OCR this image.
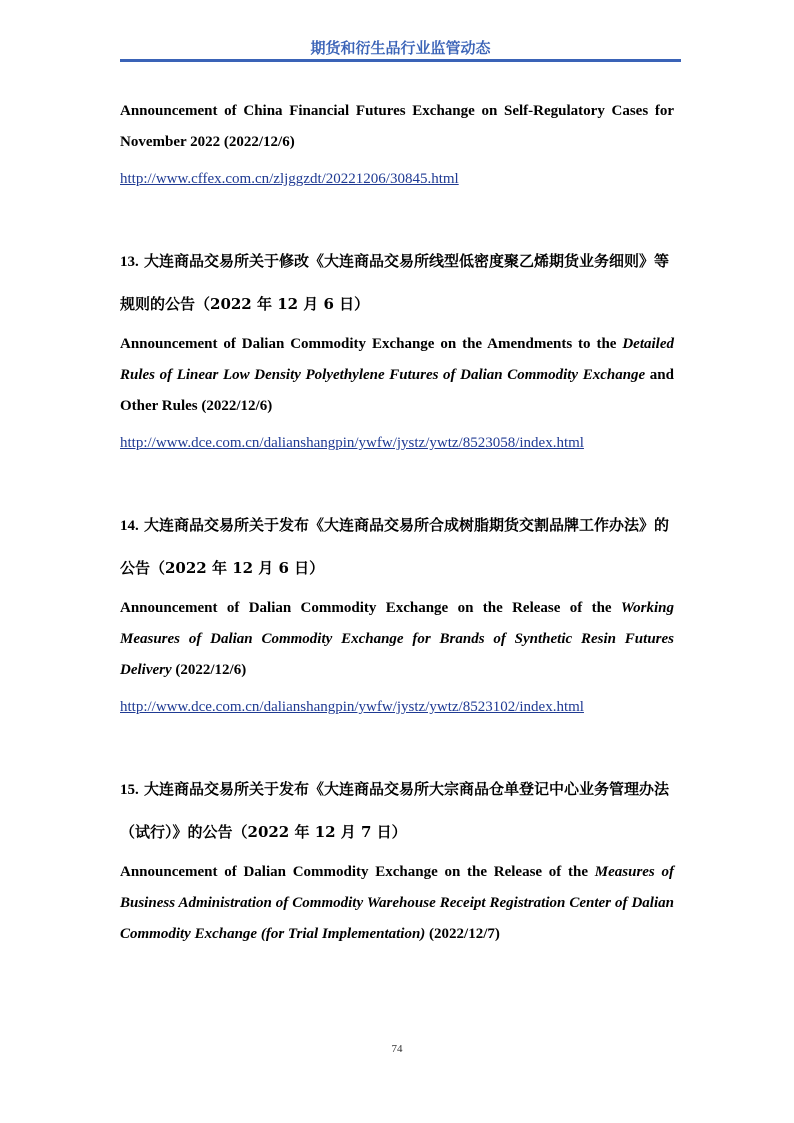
期货和衍生品行业监管动态

Announcement of China Financial Futures Exchange on Self-Regulatory Cases for November 2022 (2022/12/6)

http://www.cffex.com.cn/zljggzdt/20221206/30845.html

13. 大连商品交易所关于修改《大连商品交易所线型低密度聚乙烯期货业务细则》等规则的公告（2022 年 12 月 6 日）

Announcement of Dalian Commodity Exchange on the Amendments to the Detailed Rules of Linear Low Density Polyethylene Futures of Dalian Commodity Exchange and Other Rules (2022/12/6)

http://www.dce.com.cn/dalianshangpin/ywfw/jystz/ywtz/8523058/index.html

14. 大连商品交易所关于发布《大连商品交易所合成树脂期货交割品牌工作办法》的公告（2022 年 12 月 6 日）

Announcement of Dalian Commodity Exchange on the Release of the Working Measures of Dalian Commodity Exchange for Brands of Synthetic Resin Futures Delivery (2022/12/6)

http://www.dce.com.cn/dalianshangpin/ywfw/jystz/ywtz/8523102/index.html

15. 大连商品交易所关于发布《大连商品交易所大宗商品仓单登记中心业务管理办法（试行）》的公告（2022 年 12 月 7 日）

Announcement of Dalian Commodity Exchange on the Release of the Measures of Business Administration of Commodity Warehouse Receipt Registration Center of Dalian Commodity Exchange (for Trial Implementation) (2022/12/7)

74
